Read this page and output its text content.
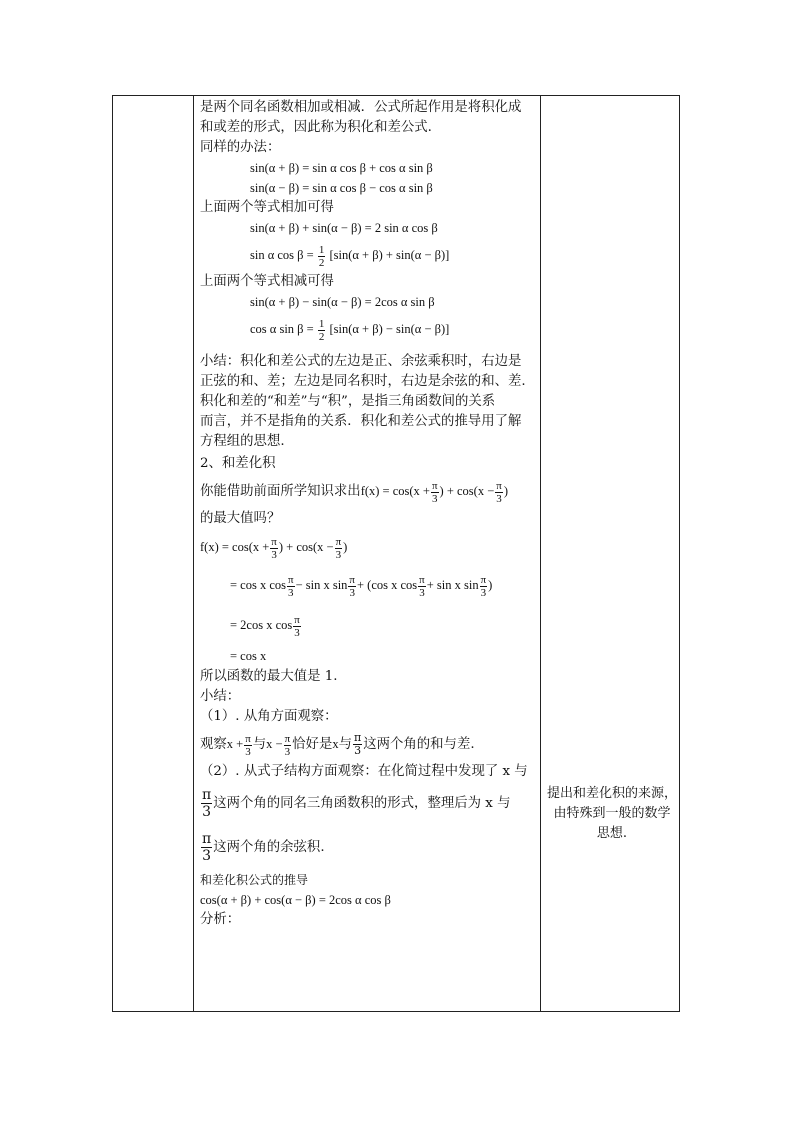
是两个同名函数相加或相减．公式所起作用是将积化成
和或差的形式，因此称为积化和差公式.
同样的办法：
sin(α + β) = sin α cos β + cos α sin β
sin(α − β) = sin α cos β − cos α sin β
上面两个等式相加可得
sin(α + β) + sin(α − β) = 2 sin α cos β
sin α $\cos \beta = \frac{1}{2} [\sin(\alpha + \beta) + \sin(\alpha - \beta)]$
上面两个等式相减可得
sin(α + β) − sin(α − β) = 2cos α sin β
cos α $\sin \beta = \frac{1}{2} [\sin(\alpha + \beta) - \sin(\alpha - \beta)]$
小结：积化和差公式的左边是正、余弦乘积时，右边是
正弦的和、差；左边是同名积时，右边是余弦的和、差.
积化和差的“和差”与“积”，是指三角函数间的关系
而言，并不是指角的关系．积化和差公式的推导用了解
方程组的思想.
2、和差化积
你能借助前面所学知识求出$f(x) = \cos(x + \frac{\pi}{3}$ ) + $\cos(x - \frac{\pi}{3}$ )
的最大值吗？
$f(x) = \cos(x + \frac{\pi}{3}$ ) + $\cos(x - \frac{\pi}{3}$ )
= cos x $\cos \frac{\pi}{3} - \sin x$ $\sin \frac{\pi}{3} + (\cos$ x $\cos \frac{\pi}{3} + \sin x$ $\sin \frac{\pi}{3}$ )
= 2cos x $\cos \frac{\pi}{3}$
= cos x
所以函数的最大值是 1.
小结：
（1）. 从角方面观察：
观察$x + \frac{\pi}{3}$ 与$x - \frac{\pi}{3}$ 恰好是x与 $\frac{\pi}{3}$ 这两个角的和与差.
（2）. 从式子结构方面观察：在化简过程中发现了 x 与
$\frac{\pi}{3}$ 这两个角的同名三角函数积的形式，整理后为 x 与
$\frac{\pi}{3}$ 这两个角的余弦积.
和差化积公式的推导
cos(α + β) + cos(α − β) = 2cos α cos β
分析：
提出和差化积的来源，
由特殊到一般的数学
思想.
